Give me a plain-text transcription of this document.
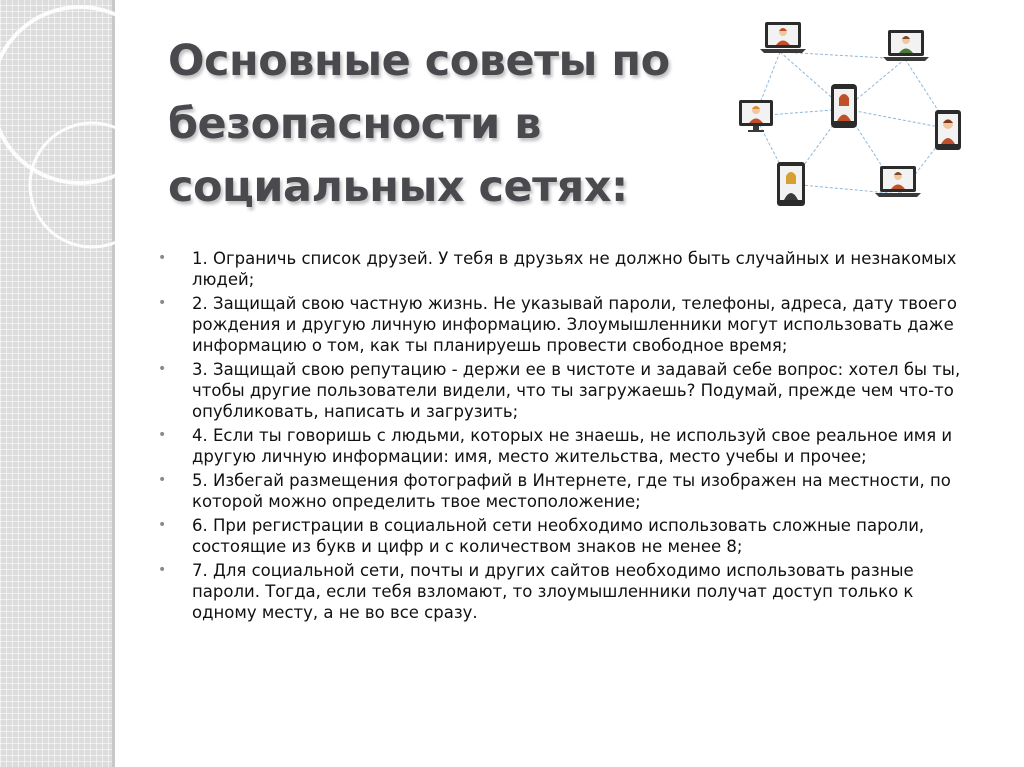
Основные советы по безопасности в социальных сетях:
• 1. Ограничь список друзей. У тебя в друзьях не должно быть случайных и незнакомых людей;
• 2. Защищай свою частную жизнь. Не указывай пароли, телефоны, адреса, дату твоего рождения и другую личную информацию. Злоумышленники могут использовать даже информацию о том, как ты планируешь провести свободное время;
• 3. Защищай свою репутацию - держи ее в чистоте и задавай себе вопрос: хотел бы ты, чтобы другие пользователи видели, что ты загружаешь? Подумай, прежде чем что-то опубликовать, написать и загрузить;
• 4. Если ты говоришь с людьми, которых не знаешь, не используй свое реальное имя и другую личную информации: имя, место жительства, место учебы и прочее;
• 5. Избегай размещения фотографий в Интернете, где ты изображен на местности, по которой можно определить твое местоположение;
• 6. При регистрации в социальной сети необходимо использовать сложные пароли, состоящие из букв и цифр и с количеством знаков не менее 8;
• 7. Для социальной сети, почты и других сайтов необходимо использовать разные пароли. Тогда, если тебя взломают, то злоумышленники получат доступ только к одному месту, а не во все сразу.
